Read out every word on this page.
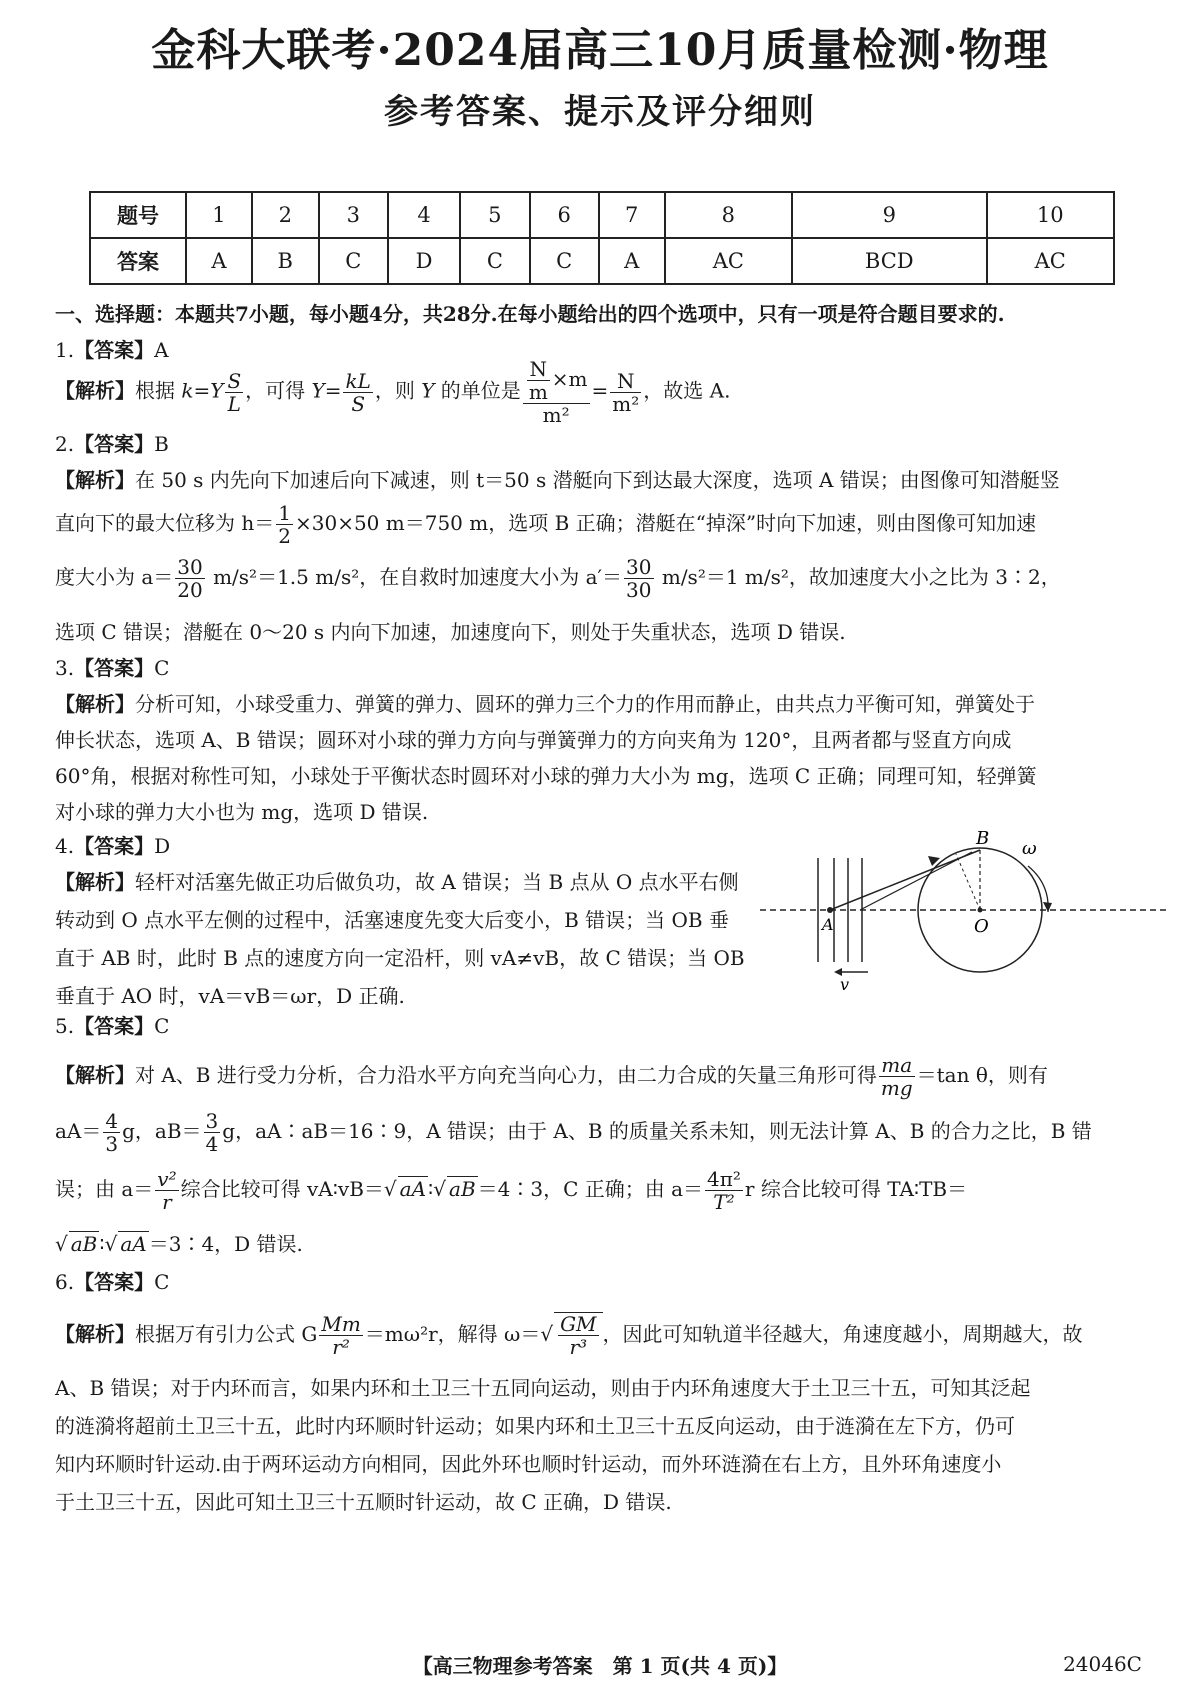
金科大联考·2024届高三10月质量检测·物理
参考答案、提示及评分细则
题号	1	2	3	4	5	6	7	8	9	10
答案	A	B	C	D	C	C	A	AC	BCD	AC
一、选择题：本题共7小题，每小题4分，共28分.在每小题给出的四个选项中，只有一项是符合题目要求的.
1.【答案】A
【解析】根据 $k=Y \frac{S}{L}$ ，可得 $Y= \frac{kL}{S}$ ，则 Y 的单位是 $\frac{\frac{N}{m} \times m}{\text{m²}} = \frac{N}{\text{m²}}$ ，故选 A.
2.【答案】B
【解析】在 50 s 内先向下加速后向下减速，则 t＝50 s 潜艇向下到达最大深度，选项 A 错误；由图像可知潜艇竖
直向下的最大位移为 $h= \frac{1}{2} \times 30\times 50$ m＝750 m，选项 B 正确；潜艇在“掉深”时向下加速，则由图像可知加速
度大小为 $a= \frac{30}{20} m/s^2=1.5$ m/s²，在自救时加速度大小为 $a'= \frac{30}{30} m/s^2=1$ m/s²，故加速度大小之比为 3∶2，
选项 C 错误；潜艇在 0～20 s 内向下加速，加速度向下，则处于失重状态，选项 D 错误.
3.【答案】C
【解析】分析可知，小球受重力、弹簧的弹力、圆环的弹力三个力的作用而静止，由共点力平衡可知，弹簧处于
伸长状态，选项 A、B 错误；圆环对小球的弹力方向与弹簧弹力的方向夹角为 120°，且两者都与竖直方向成
60°角，根据对称性可知，小球处于平衡状态时圆环对小球的弹力大小为 mg，选项 C 正确；同理可知，轻弹簧
对小球的弹力大小也为 mg，选项 D 错误.
4.【答案】D
【解析】轻杆对活塞先做正功后做负功，故 A 错误；当 B 点从 O 点水平右侧
转动到 O 点水平左侧的过程中，活塞速度先变大后变小，B 错误；当 OB 垂
直于 AB 时，此时 B 点的速度方向一定沿杆，则 vA≠vB，故 C 错误；当 OB
垂直于 AO 时，vA＝vB＝ωr，D 正确.
B
O
A
ω
v
5.【答案】C
【解析】对 A、B 进行受力分析，合力沿水平方向充当向心力，由二力合成的矢量三角形可得 $\frac{ma}{mg} =\tan$ θ，则有
$aA= \frac{4}{3}$ g，$aB= \frac{3}{4}$ g，aA∶aB＝16∶9，A 错误；由于 A、B 的质量关系未知，则无法计算 A、B 的合力之比，B 错
误；由 $a= \frac{\text{v²}}{r}$ 综合比较可得 vA∶vB＝√ aA ∶√ aB ＝4∶3，C 正确；由 $a= \frac{\text{4π²}}{\text{T²}}$ r 综合比较可得 TA∶TB＝
√ aB ∶√ aA ＝3∶4，D 错误.
6.【答案】C
【解析】根据万有引力公式 G $\frac{Mm}{\text{r²}} =m\omega^2r$，解得 $\omega=√ \frac{GM}{\text{r³}}$ ，因此可知轨道半径越大，角速度越小，周期越大，故
A、B 错误；对于内环而言，如果内环和土卫三十五同向运动，则由于内环角速度大于土卫三十五，可知其泛起
的涟漪将超前土卫三十五，此时内环顺时针运动；如果内环和土卫三十五反向运动，由于涟漪在左下方，仍可
知内环顺时针运动.由于两环运动方向相同，因此外环也顺时针运动，而外环涟漪在右上方，且外环角速度小
于土卫三十五，因此可知土卫三十五顺时针运动，故 C 正确，D 错误.
【高三物理参考答案　第 1 页(共 4 页)】	24046C
